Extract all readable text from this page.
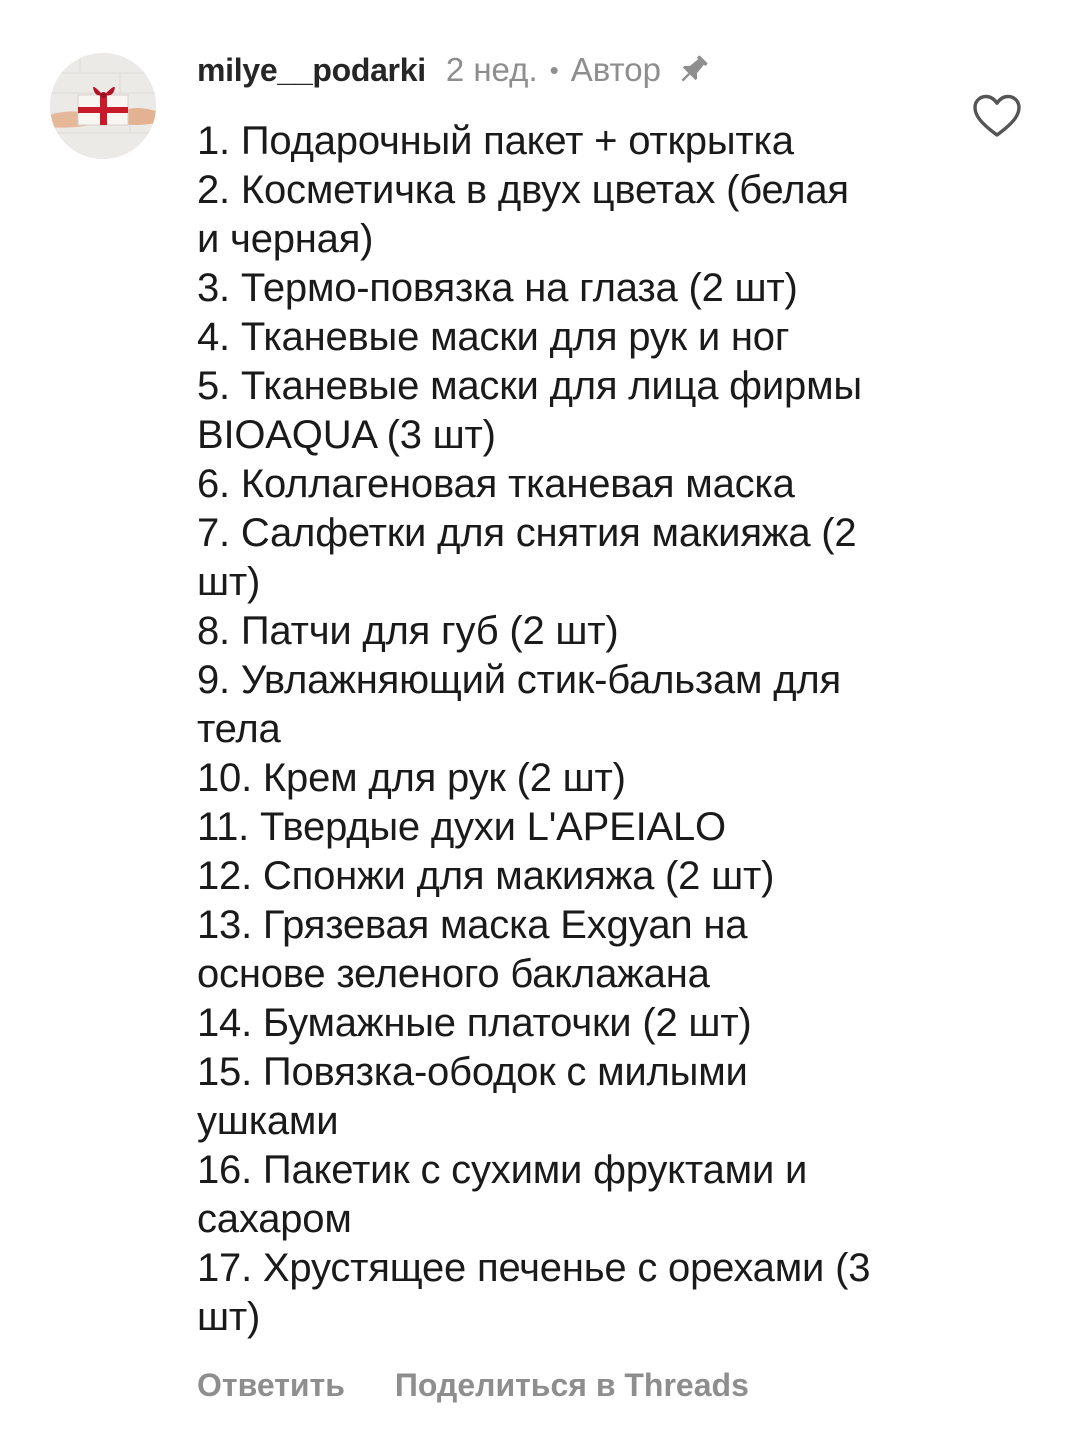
milye__podarki 2 нед. • Автор
1. Подарочный пакет + открытка
2. Косметичка в двух цветах (белая
и черная)
3. Термо-повязка на глаза (2 шт)
4. Тканевые маски для рук и ног
5. Тканевые маски для лица фирмы
BIOAQUA (3 шт)
6. Коллагеновая тканевая маска
7. Салфетки для снятия макияжа (2
шт)
8. Патчи для губ (2 шт)
9. Увлажняющий стик-бальзам для
тела
10. Крем для рук (2 шт)
11. Твердые духи L'APEIALO
12. Спонжи для макияжа (2 шт)
13. Грязевая маска Exgyan на
основе зеленого баклажана
14. Бумажные платочки (2 шт)
15. Повязка-ободок с милыми
ушками
16. Пакетик с сухими фруктами и
сахаром
17. Хрустящее печенье с орехами (3
шт)
Ответить Поделиться в Threads
